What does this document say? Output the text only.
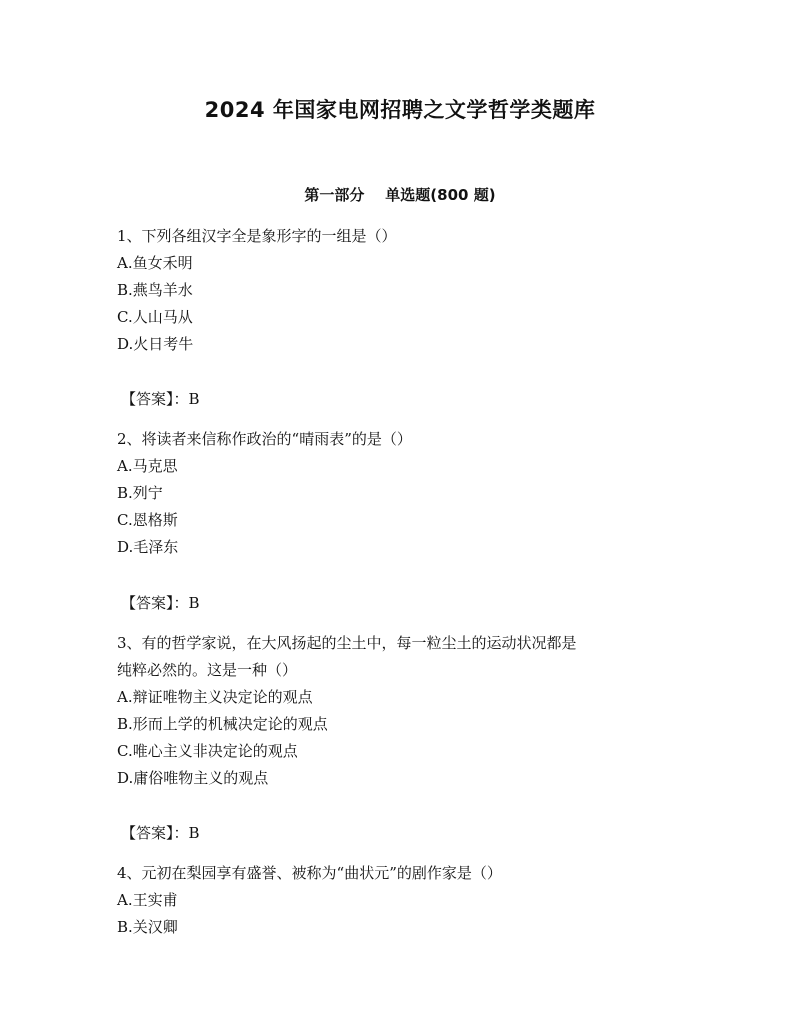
2024 年国家电网招聘之文学哲学类题库
第一部分    单选题(800 题)
1、下列各组汉字全是象形字的一组是（）
A.鱼女禾明
B.燕鸟羊水
C.人山马从
D.火日考牛
【答案】：B
2、将读者来信称作政治的“晴雨表”的是（）
A.马克思
B.列宁
C.恩格斯
D.毛泽东
【答案】：B
3、有的哲学家说，在大风扬起的尘土中，每一粒尘土的运动状况都是
纯粹必然的。这是一种（）
A.辩证唯物主义决定论的观点
B.形而上学的机械决定论的观点
C.唯心主义非决定论的观点
D.庸俗唯物主义的观点
【答案】：B
4、元初在梨园享有盛誉、被称为“曲状元”的剧作家是（）
A.王实甫
B.关汉卿
